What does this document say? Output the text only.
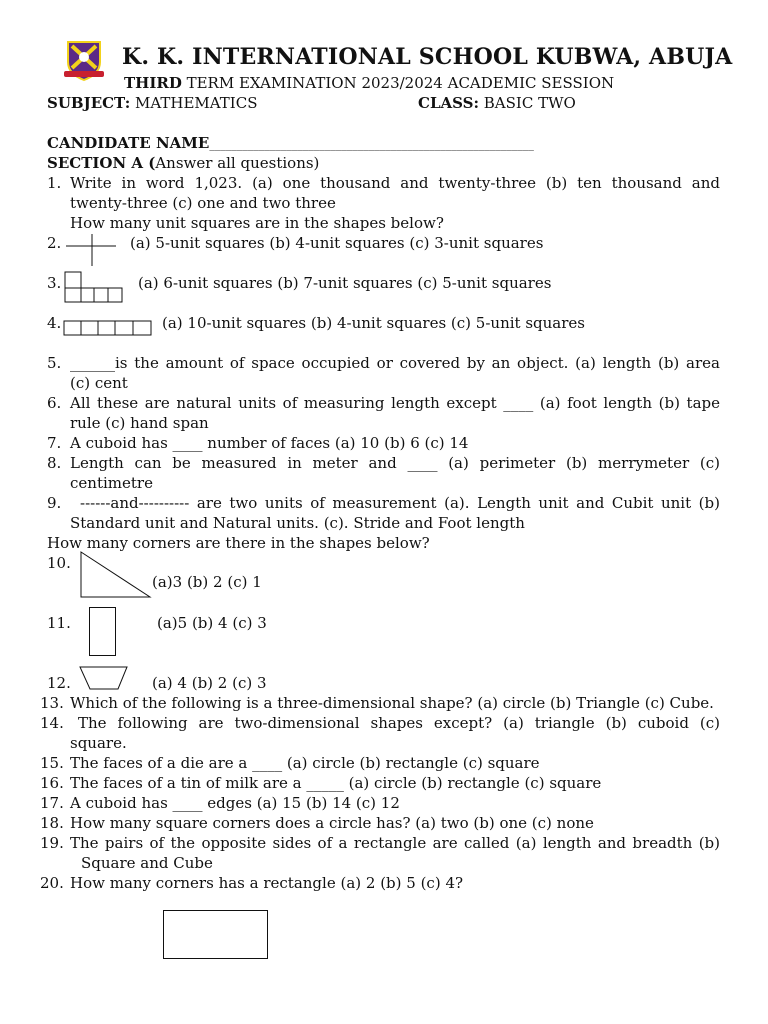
K. K. INTERNATIONAL SCHOOL KUBWA, ABUJA
THIRD TERM EXAMINATION 2023/2024 ACADEMIC SESSION
SUBJECT: MATHEMATICS	CLASS: BASIC TWO
CANDIDATE NAME___________________________________________________________
SECTION A (Answer all questions)
1. Write in word 1,023. (a) one thousand and twenty-three (b) ten thousand and
twenty-three (c) one and two three
How many unit squares are in the shapes below?
2.	(a) 5-unit squares (b) 4-unit squares (c) 3-unit squares
3.	(a) 6-unit squares (b) 7-unit squares (c) 5-unit squares
4.	(a) 10-unit squares (b) 4-unit squares (c) 5-unit squares
5. ______is the amount of space occupied or covered by an object. (a) length (b) area
(c) cent
6. All these are natural units of measuring length except ____ (a) foot length (b) tape
rule (c) hand span
7. A cuboid has ____ number of faces (a) 10 (b) 6 (c) 14
8. Length can be measured in meter and ____ (a) perimeter (b) merrymeter (c)
centimetre
9. ------and---------- are two units of measurement (a). Length unit and Cubit unit (b)
Standard unit and Natural units. (c). Stride and Foot length
How many corners are there in the shapes below?
10.
(a)3 (b) 2 (c) 1
11.	(a)5 (b) 4 (c) 3
12.	(a) 4 (b) 2 (c) 3
13. Which of the following is a three-dimensional shape? (a) circle (b) Triangle (c) Cube.
14. The following are two-dimensional shapes except? (a) triangle (b) cuboid (c)
square.
15. The faces of a die are a ____ (a) circle (b) rectangle (c) square
16. The faces of a tin of milk are a _____ (a) circle (b) rectangle (c) square
17. A cuboid has ____ edges (a) 15 (b) 14 (c) 12
18. How many square corners does a circle has? (a) two (b) one (c) none
19. The pairs of the opposite sides of a rectangle are called (a) length and breadth (b)
Square and Cube
20. How many corners has a rectangle (a) 2 (b) 5 (c) 4?
